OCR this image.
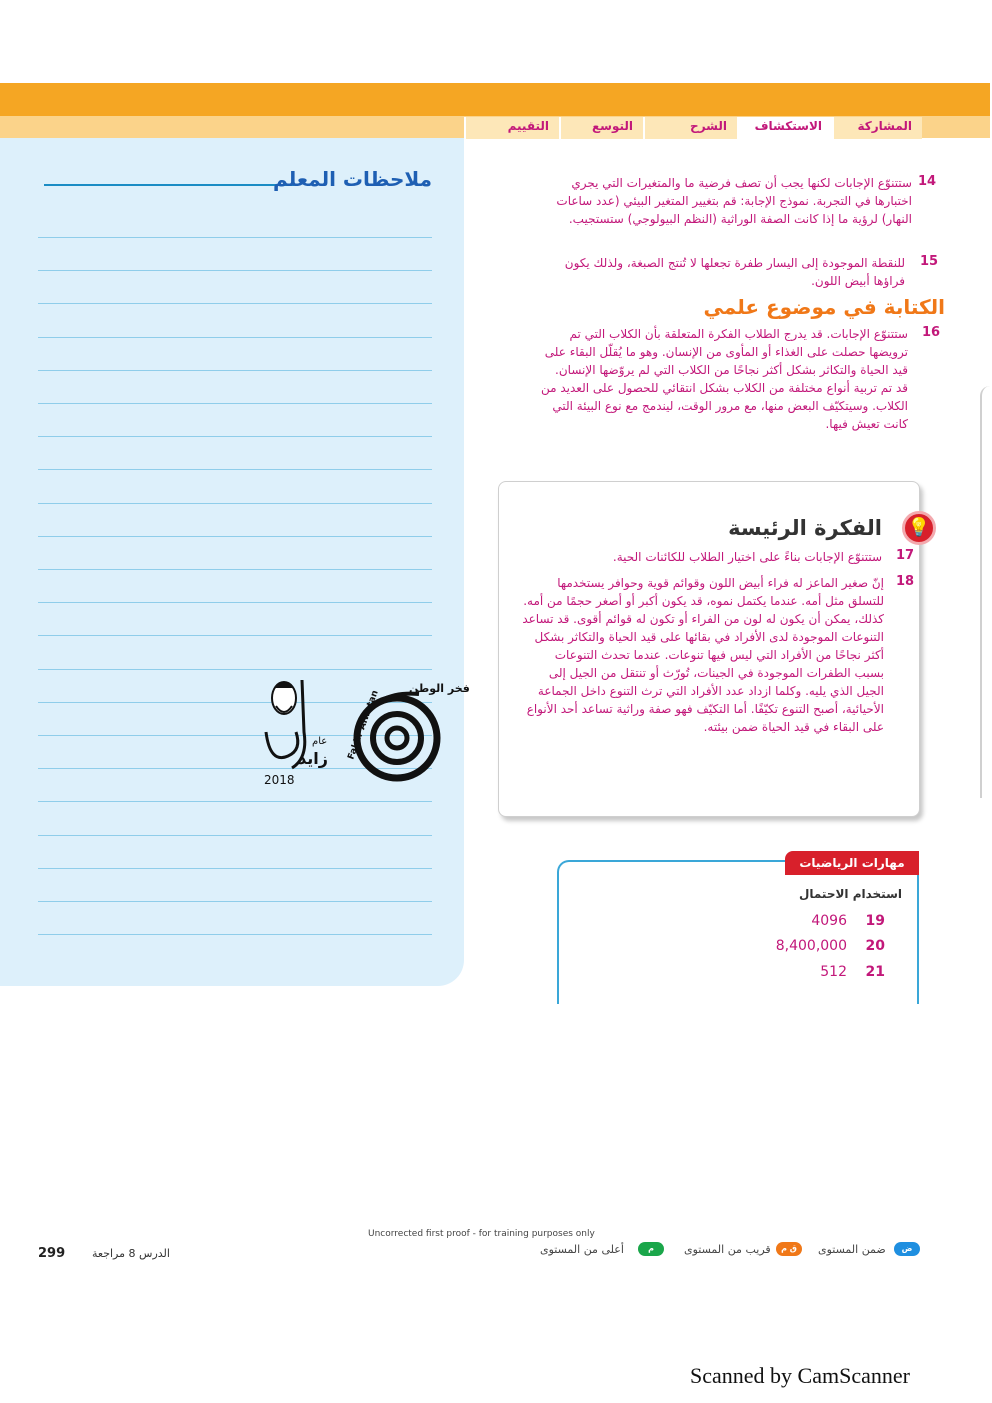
المشاركة
الاستكشاف
الشرح
التوسع
التقييم
ملاحظات المعلم	14
ستتنوّع الإجابات لكنها يجب أن تصف فرضية ما والمتغيرات التي يجري اختبارها في التجربة. نموذج الإجابة: قم بتغيير المتغير البيئي (عدد ساعات النهار) لرؤية ما إذا كانت الصفة الوراثية (النظم البيولوجي) ستستجيب.
15
للنقطة الموجودة إلى اليسار طفرة تجعلها لا تُنتج الصبغة، ولذلك يكون فراؤها أبيض اللون.
الكتابة في موضوع علمي
16
ستتنوّع الإجابات. قد يدرج الطلاب الفكرة المتعلقة بأن الكلاب التي تم ترويضها حصلت على الغذاء أو المأوى من الإنسان. وهو ما يُقلّل البقاء على قيد الحياة والتكاثر بشكل أكثر نجاحًا من الكلاب التي لم يروّضها الإنسان. قد تم تربية أنواع مختلفة من الكلاب بشكل انتقائي للحصول على العديد من الكلاب. وسيتكيّف البعض منها، مع مرور الوقت، ليندمج مع نوع البيئة التي كانت تعيش فيها.
💡
الفكرة الرئيسة
17
ستتنوّع الإجابات بناءً على اختيار الطلاب للكائنات الحية.
18
إنّ صغير الماعز له فراء أبيض اللون وقوائم قوية وحوافر يستخدمها للتسلق مثل أمه. عندما يكتمل نموه، قد يكون أكبر أو أصغر حجمًا من أمه. كذلك، يمكن أن يكون له لون من الفراء أو تكون له قوائم أقوى. قد تساعد التنوعات الموجودة لدى الأفراد في بقائها على قيد الحياة والتكاثر بشكل أكثر نجاحًا من الأفراد التي ليس فيها تنوعات. عندما تحدث التنوعات بسبب الطفرات الموجودة في الجينات، تُورّث أو تنتقل من الجيل إلى الجيل الذي يليه. وكلما ازداد عدد الأفراد التي ترث التنوع داخل الجماعة الأحيائية، أصبح التنوع تكيّفًا. أما التكيّف فهو صفة وراثية تساعد أحد الأنواع على البقاء في قيد الحياة ضمن بيئته.
مهارات الرياضيات
استخدام الاحتمال
19
4096
20
8,400,000
21
512
عام
2018
زايد
فخر الوطن
Fakhr Alwatan
299 الدرس 8 مراجعة
Uncorrected first proof - for training purposes only
ض
ضمن المستوى
ق م
قريب من المستوى
م
أعلى من المستوى
Scanned by CamScanner
